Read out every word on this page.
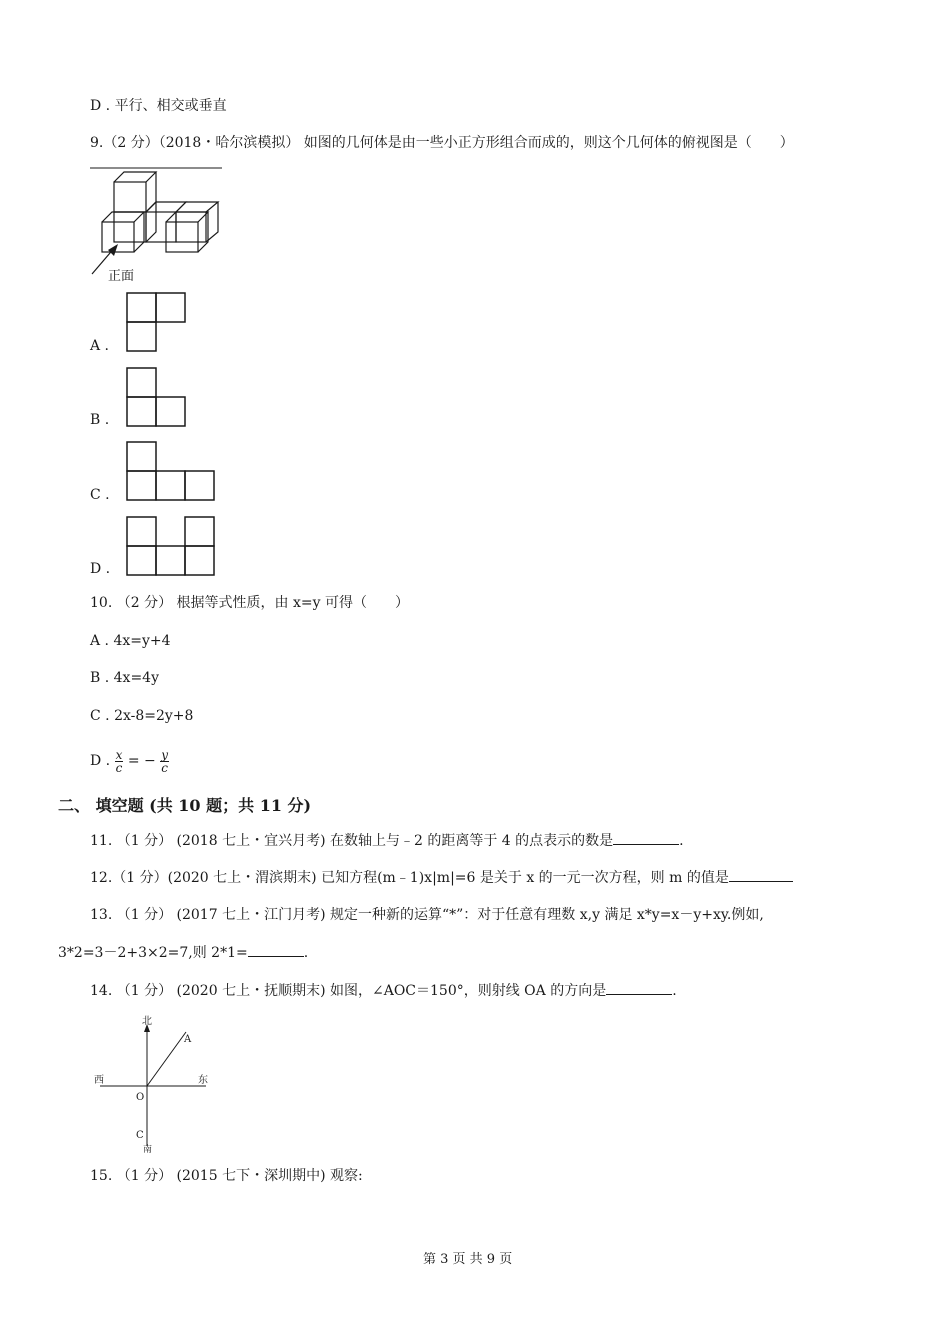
D . 平行、相交或垂直
9.（2 分）（2018・哈尔滨模拟） 如图的几何体是由一些小正方形组合而成的，则这个几何体的俯视图是（　　）
正面
A .
B .
C .
D .
10. （2 分） 根据等式性质，由 x=y 可得（　　）
A . 4x=y+4
B . 4x=4y
C . 2x-8=2y+8
D . $\frac{x}{c}$ = − $\frac{y}{c}$
二、 填空题 (共 10 题；共 11 分)
11. （1 分） (2018 七上・宜兴月考) 在数轴上与﹣2 的距离等于 4 的点表示的数是	.
12.（1 分）(2020 七上・渭滨期末) 已知方程(m﹣1)x|m|=6 是关于 x 的一元一次方程，则 m 的值是
13. （1 分） (2017 七上・江门月考) 规定一种新的运算“*”：对于任意有理数 x,y 满足 x*y=x－y+xy.例如,
3*2=3－2+3×2=7,则 2*1=	.
14. （1 分） (2020 七上・抚顺期末) 如图，∠AOC＝150°，则射线 OA 的方向是	.
北
西	东
A
O
C
南
15. （1 分） (2015 七下・深圳期中) 观察:
第 3 页 共 9 页
